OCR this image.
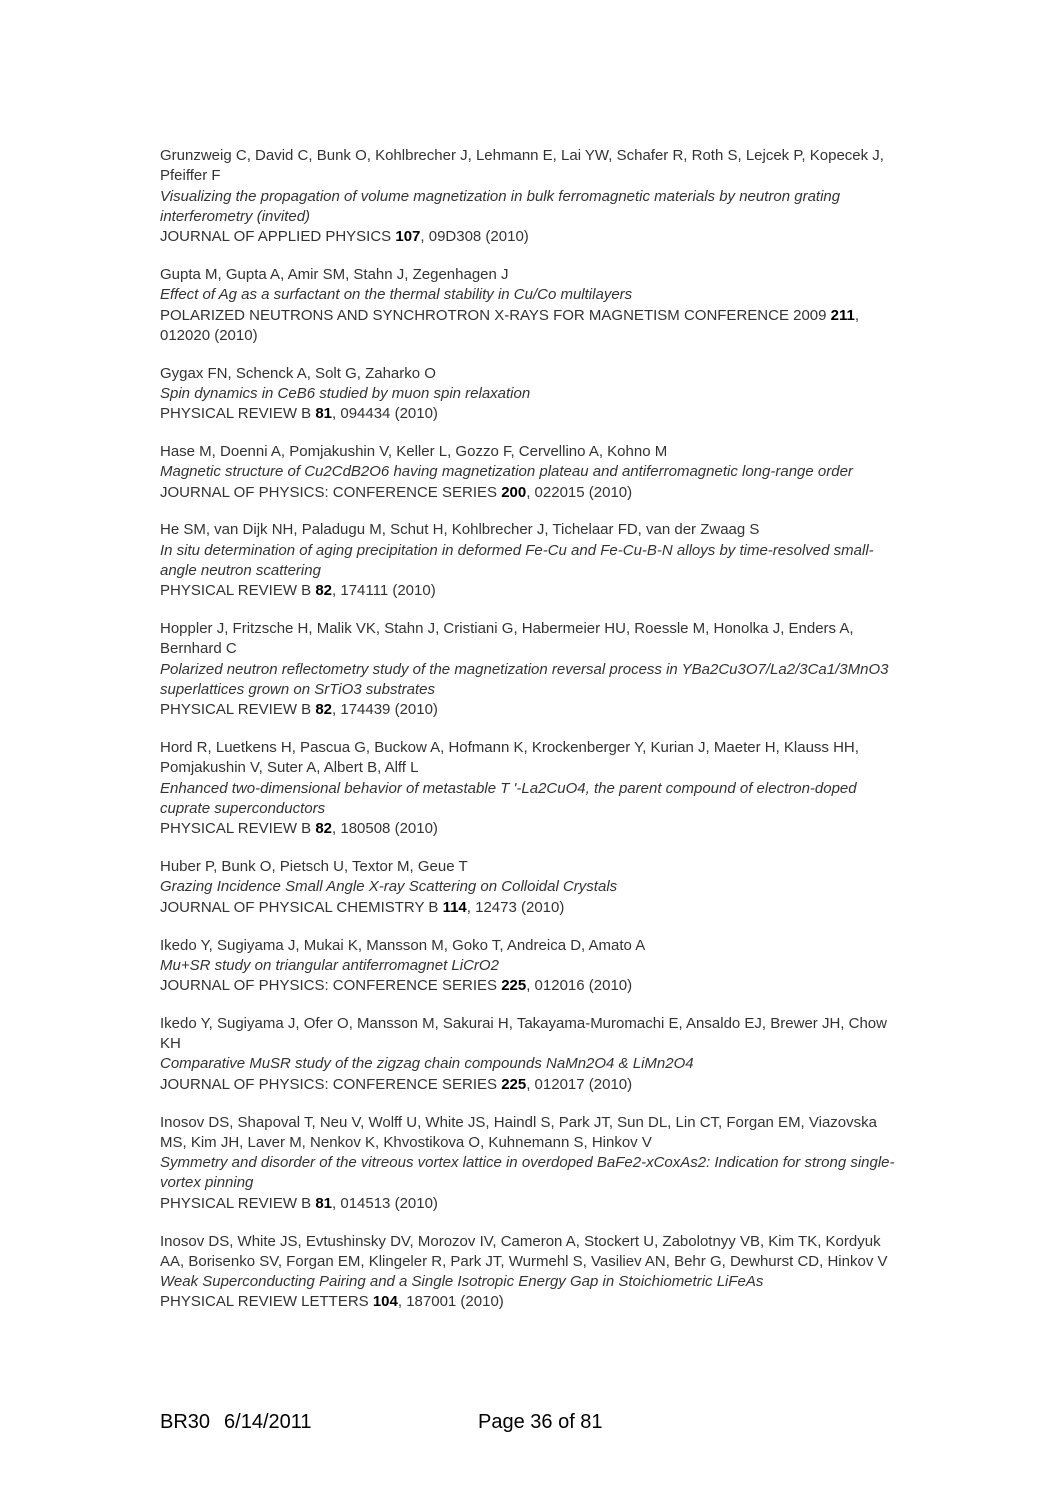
Grunzweig C, David C, Bunk O, Kohlbrecher J, Lehmann E, Lai YW, Schafer R, Roth S, Lejcek P, Kopecek J, Pfeiffer F
Visualizing the propagation of volume magnetization in bulk ferromagnetic materials by neutron grating interferometry (invited)
JOURNAL OF APPLIED PHYSICS 107, 09D308 (2010)
Gupta M, Gupta A, Amir SM, Stahn J, Zegenhagen J
Effect of Ag as a surfactant on the thermal stability in Cu/Co multilayers
POLARIZED NEUTRONS AND SYNCHROTRON X-RAYS FOR MAGNETISM CONFERENCE 2009 211, 012020 (2010)
Gygax FN, Schenck A, Solt G, Zaharko O
Spin dynamics in CeB6 studied by muon spin relaxation
PHYSICAL REVIEW B 81, 094434 (2010)
Hase M, Doenni A, Pomjakushin V, Keller L, Gozzo F, Cervellino A, Kohno M
Magnetic structure of Cu2CdB2O6 having magnetization plateau and antiferromagnetic long-range order
JOURNAL OF PHYSICS: CONFERENCE SERIES 200, 022015 (2010)
He SM, van Dijk NH, Paladugu M, Schut H, Kohlbrecher J, Tichelaar FD, van der Zwaag S
In situ determination of aging precipitation in deformed Fe-Cu and Fe-Cu-B-N alloys by time-resolved small-angle neutron scattering
PHYSICAL REVIEW B 82, 174111 (2010)
Hoppler J, Fritzsche H, Malik VK, Stahn J, Cristiani G, Habermeier HU, Roessle M, Honolka J, Enders A, Bernhard C
Polarized neutron reflectometry study of the magnetization reversal process in YBa2Cu3O7/La2/3Ca1/3MnO3 superlattices grown on SrTiO3 substrates
PHYSICAL REVIEW B 82, 174439 (2010)
Hord R, Luetkens H, Pascua G, Buckow A, Hofmann K, Krockenberger Y, Kurian J, Maeter H, Klauss HH, Pomjakushin V, Suter A, Albert B, Alff L
Enhanced two-dimensional behavior of metastable T '-La2CuO4, the parent compound of electron-doped cuprate superconductors
PHYSICAL REVIEW B 82, 180508 (2010)
Huber P, Bunk O, Pietsch U, Textor M, Geue T
Grazing Incidence Small Angle X-ray Scattering on Colloidal Crystals
JOURNAL OF PHYSICAL CHEMISTRY B 114, 12473 (2010)
Ikedo Y, Sugiyama J, Mukai K, Mansson M, Goko T, Andreica D, Amato A
Mu+SR study on triangular antiferromagnet LiCrO2
JOURNAL OF PHYSICS: CONFERENCE SERIES 225, 012016 (2010)
Ikedo Y, Sugiyama J, Ofer O, Mansson M, Sakurai H, Takayama-Muromachi E, Ansaldo EJ, Brewer JH, Chow KH
Comparative MuSR study of the zigzag chain compounds NaMn2O4 & LiMn2O4
JOURNAL OF PHYSICS: CONFERENCE SERIES 225, 012017 (2010)
Inosov DS, Shapoval T, Neu V, Wolff U, White JS, Haindl S, Park JT, Sun DL, Lin CT, Forgan EM, Viazovska MS, Kim JH, Laver M, Nenkov K, Khvostikova O, Kuhnemann S, Hinkov V
Symmetry and disorder of the vitreous vortex lattice in overdoped BaFe2-xCoxAs2: Indication for strong single-vortex pinning
PHYSICAL REVIEW B 81, 014513 (2010)
Inosov DS, White JS, Evtushinsky DV, Morozov IV, Cameron A, Stockert U, Zabolotnyy VB, Kim TK, Kordyuk AA, Borisenko SV, Forgan EM, Klingeler R, Park JT, Wurmehl S, Vasiliev AN, Behr G, Dewhurst CD, Hinkov V
Weak Superconducting Pairing and a Single Isotropic Energy Gap in Stoichiometric LiFeAs
PHYSICAL REVIEW LETTERS 104, 187001 (2010)
BR30 6/14/2011	Page 36 of 81
